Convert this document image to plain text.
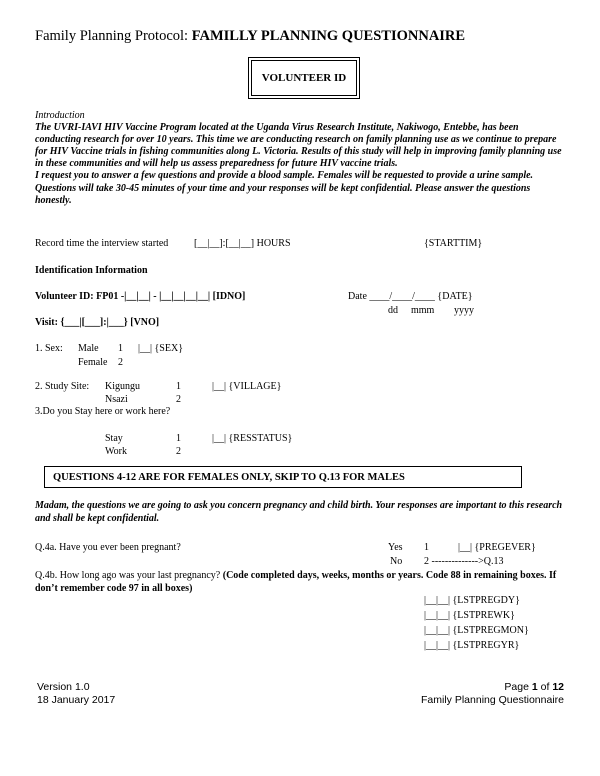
Family Planning Protocol: FAMILLY PLANNING QUESTIONNAIRE
VOLUNTEER ID
Introduction
The UVRI-IAVI HIV Vaccine Program located at the Uganda Virus Research Institute, Nakiwogo, Entebbe, has been conducting research for over 10 years. This time we are conducting research on family planning use as we continue to prepare for HIV Vaccine trials in fishing communities along L. Victoria. Results of this study will help in improving family planning use in these communities and will help us assess preparedness for future HIV vaccine trials.
I request you to answer a few questions and provide a blood sample. Females will be requested to provide a urine sample. Questions will take 30-45 minutes of your time and your responses will be kept confidential. Please answer the questions honestly.
Record time the interview started	[__|__]:[__|__] HOURS	{STARTTIM}
Identification Information
Volunteer ID: FP01 -|__|__| - |__|__|__|__| [IDNO]	Date ____/____/____ {DATE}
dd mmm yyyy
Visit: {___|[___]:|___} [VNO]
1. Sex: Male 1 |__| {SEX}
Female 2
2. Study Site: Kigungu	1	|__| {VILLAGE}
Nsazi	2
3.Do you Stay here or work here?
Stay	1	|__| {RESSTATUS}
Work	2
QUESTIONS 4-12 ARE FOR FEMALES ONLY, SKIP TO Q.13 FOR MALES
Madam, the questions we are going to ask you concern pregnancy and child birth. Your responses are important to this research and shall be kept confidential.
Q.4a. Have you ever been pregnant?	Yes 1	|__| {PREGEVER}
No 2 -------------->Q.13
Q.4b. How long ago was your last pregnancy? (Code completed days, weeks, months or years. Code 88 in remaining boxes. If don’t remember code 97 in all boxes)
|__|__| {LSTPREGDY}
|__|__| {LSTPREWK}
|__|__| {LSTPREGMON}
|__|__| {LSTPREGYR}
Version 1.0
18 January 2017
Page 1 of 12
Family Planning Questionnaire
